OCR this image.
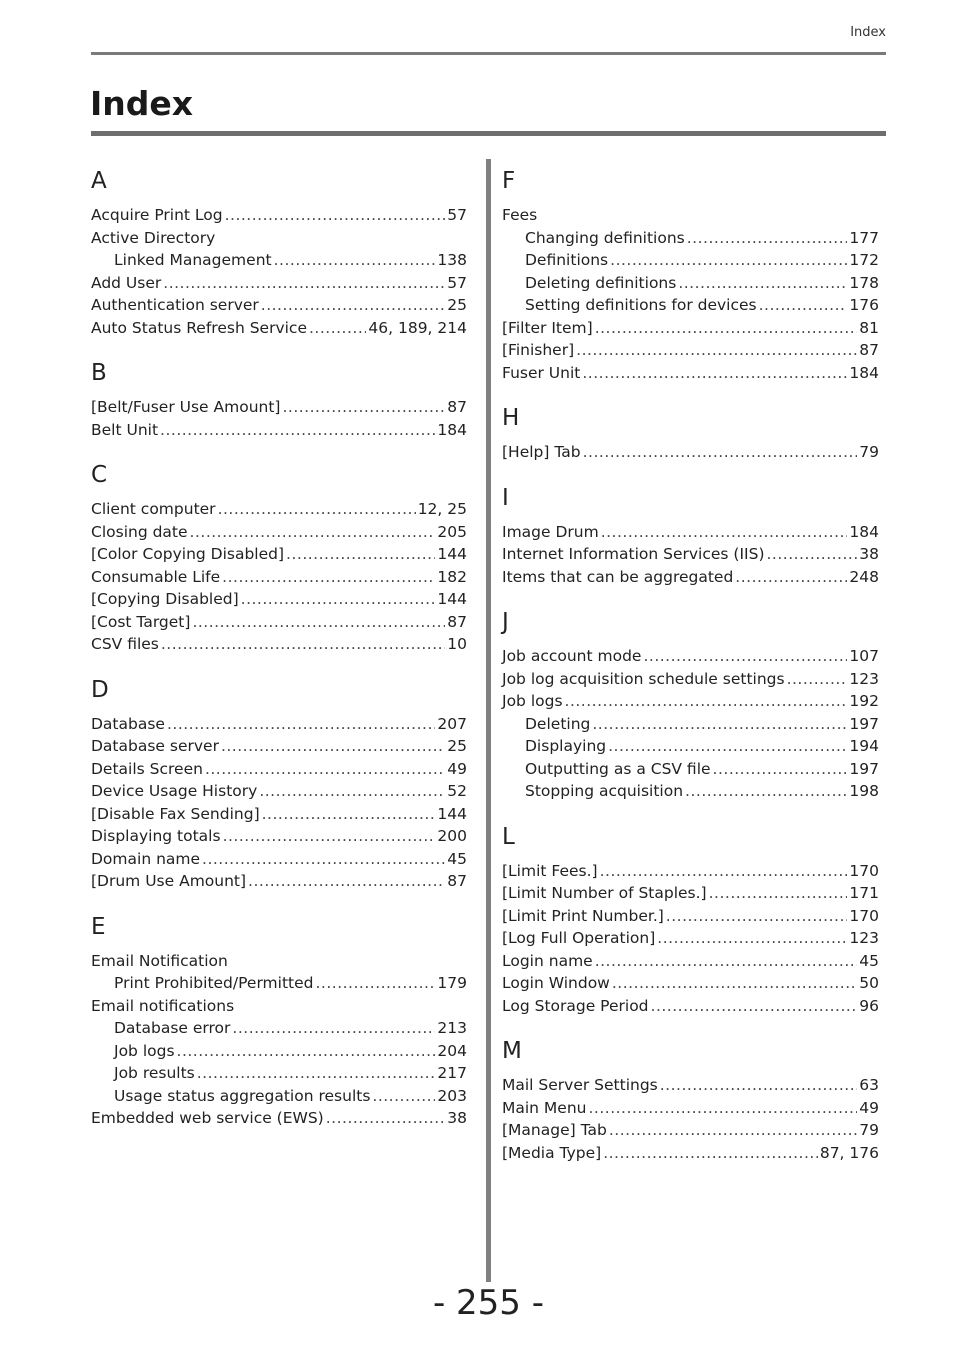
Index
Index
A
Acquire Print Log .....	57
Active Directory
Linked Management .....	138
Add User .....	57
Authentication server .....	25
Auto Status Refresh Service .....	46, 189, 214
B
[Belt/Fuser Use Amount] .....	87
Belt Unit .....	184
C
Client computer .....	12, 25
Closing date .....	205
[Color Copying Disabled] .....	144
Consumable Life .....	182
[Copying Disabled] .....	144
[Cost Target] .....	87
CSV files .....	10
D
Database .....	207
Database server .....	25
Details Screen .....	49
Device Usage History .....	52
[Disable Fax Sending] .....	144
Displaying totals .....	200
Domain name .....	45
[Drum Use Amount] .....	87
E
Email Notification
Print Prohibited/Permitted .....	179
Email notifications
Database error .....	213
Job logs .....	204
Job results .....	217
Usage status aggregation results .....	203
Embedded web service (EWS) .....	38
F
Fees
Changing definitions .....	177
Definitions .....	172
Deleting definitions .....	178
Setting definitions for devices .....	176
[Filter Item] .....	81
[Finisher] .....	87
Fuser Unit .....	184
H
[Help] Tab .....	79
I
Image Drum .....	184
Internet Information Services (IIS) .....	38
Items that can be aggregated .....	248
J
Job account mode .....	107
Job log acquisition schedule settings .....	123
Job logs .....	192
Deleting .....	197
Displaying .....	194
Outputting as a CSV file .....	197
Stopping acquisition .....	198
L
[Limit Fees.] .....	170
[Limit Number of Staples.] .....	171
[Limit Print Number.] .....	170
[Log Full Operation] .....	123
Login name .....	45
Login Window .....	50
Log Storage Period .....	96
M
Mail Server Settings .....	63
Main Menu .....	49
[Manage] Tab .....	79
[Media Type] .....	87, 176
- 255 -
